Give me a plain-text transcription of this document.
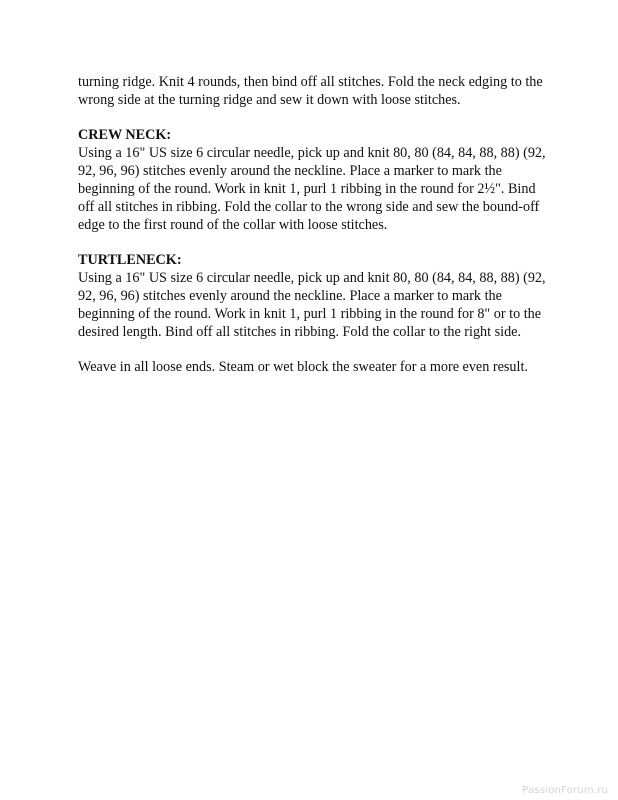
turning ridge. Knit 4 rounds, then bind off all stitches. Fold the neck edging to the wrong side at the turning ridge and sew it down with loose stitches.

CREW NECK:

Using a 16" US size 6 circular needle, pick up and knit 80, 80 (84, 84, 88, 88) (92, 92, 96, 96) stitches evenly around the neckline. Place a marker to mark the beginning of the round. Work in knit 1, purl 1 ribbing in the round for 2½". Bind off all stitches in ribbing. Fold the collar to the wrong side and sew the bound-off edge to the first round of the collar with loose stitches.

TURTLENECK:

Using a 16" US size 6 circular needle, pick up and knit 80, 80 (84, 84, 88, 88) (92, 92, 96, 96) stitches evenly around the neckline. Place a marker to mark the beginning of the round. Work in knit 1, purl 1 ribbing in the round for 8" or to the desired length. Bind off all stitches in ribbing. Fold the collar to the right side.

Weave in all loose ends. Steam or wet block the sweater for a more even result.

PassionForum.ru
